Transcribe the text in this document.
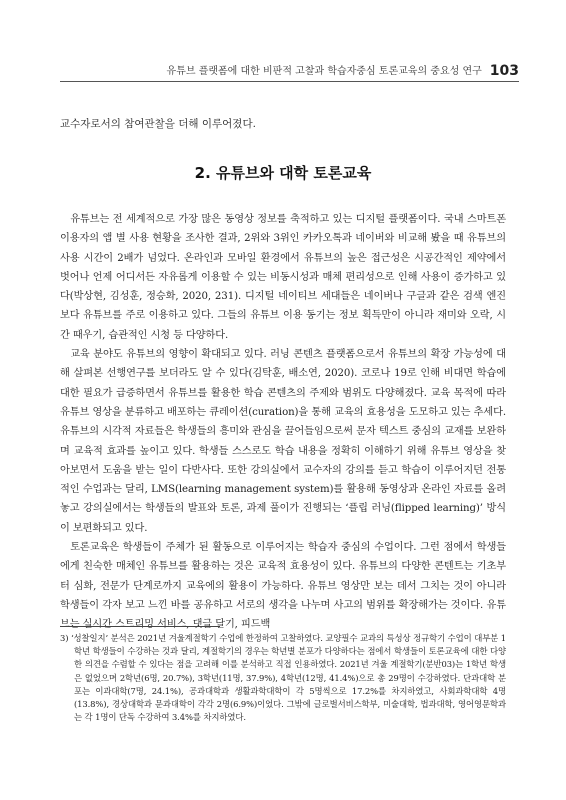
유튜브 플랫폼에 대한 비판적 고찰과 학습자중심 토론교육의 중요성 연구 103
교수자로서의 참여관찰을 더해 이루어졌다.
2. 유튜브와 대학 토론교육

유튜브는 전 세계적으로 가장 많은 동영상 정보를 축적하고 있는 디지털 플랫폼이다. 국내 스마트폰 이용자의 앱 별 사용 현황을 조사한 결과, 2위와 3위인 카카오톡과 네이버와 비교해 봤을 때 유튜브의 사용 시간이 2배가 넘었다. 온라인과 모바일 환경에서 유튜브의 높은 접근성은 시공간적인 제약에서 벗어나 언제 어디서든 자유롭게 이용할 수 있는 비동시성과 매체 편리성으로 인해 사용이 증가하고 있다(박상현, 김성훈, 정승화, 2020, 231). 디지털 네이티브 세대들은 네이버나 구글과 같은 검색 엔진보다 유튜브를 주로 이용하고 있다. 그들의 유튜브 이용 동기는 정보 획득만이 아니라 재미와 오락, 시간 때우기, 습관적인 시청 등 다양하다.

교육 분야도 유튜브의 영향이 확대되고 있다. 러닝 콘텐츠 플랫폼으로서 유튜브의 확장 가능성에 대해 살펴본 선행연구를 보더라도 알 수 있다(김탁훈, 배소연, 2020). 코로나 19로 인해 비대면 학습에 대한 필요가 급증하면서 유튜브를 활용한 학습 콘텐츠의 주제와 범위도 다양해졌다. 교육 목적에 따라 유튜브 영상을 분류하고 배포하는 큐레이션(curation)을 통해 교육의 효용성을 도모하고 있는 추세다. 유튜브의 시각적 자료들은 학생들의 흥미와 관심을 끌어들임으로써 문자 텍스트 중심의 교재를 보완하며 교육적 효과를 높이고 있다. 학생들 스스로도 학습 내용을 정확히 이해하기 위해 유튜브 영상을 찾아보면서 도움을 받는 일이 다반사다. 또한 강의실에서 교수자의 강의를 듣고 학습이 이루어지던 전통적인 수업과는 달리, LMS(learning management system)를 활용해 동영상과 온라인 자료를 올려놓고 강의실에서는 학생들의 발표와 토론, 과제 풀이가 진행되는 ‘플립 러닝(flipped learning)’ 방식이 보편화되고 있다.

토론교육은 학생들이 주체가 된 활동으로 이루어지는 학습자 중심의 수업이다. 그런 점에서 학생들에게 친숙한 매체인 유튜브를 활용하는 것은 교육적 효용성이 있다. 유튜브의 다양한 콘텐트는 기초부터 심화, 전문가 단계로까지 교육에의 활용이 가능하다. 유튜브 영상만 보는 데서 그치는 것이 아니라 학생들이 각자 보고 느낀 바를 공유하고 서로의 생각을 나누며 사고의 범위를 확장해가는 것이다. 유튜브는 실시간 스트리밍 서비스, 댓글 달기, 피드백

3) ‘성찰일지’ 분석은 2021년 겨울계절학기 수업에 한정하여 고찰하였다. 교양필수 교과의 특성상 정규학기 수업이 대부분 1학년 학생들이 수강하는 것과 달리, 계절학기의 경우는 학년별 분포가 다양하다는 점에서 학생들이 토론교육에 대한 다양한 의견을 수렴할 수 있다는 점을 고려해 이를 분석하고 직접 인용하였다. 2021년 겨울 계절학기(분반03)는 1학년 학생은 없었으며 2학년(6명, 20.7%), 3학년(11명, 37.9%), 4학년(12명, 41.4%)으로 총 29명이 수강하였다. 단과대학 분포는 이과대학(7명, 24.1%), 공과대학과 생활과학대학이 각 5명씩으로 17.2%를 차지하였고, 사회과학대학 4명(13.8%), 경상대학과 문과대학이 각각 2명(6.9%)이었다. 그밖에 글로벌서비스학부, 미술대학, 법과대학, 영어영문학과는 각 1명이 단독 수강하여 3.4%를 차지하였다.
